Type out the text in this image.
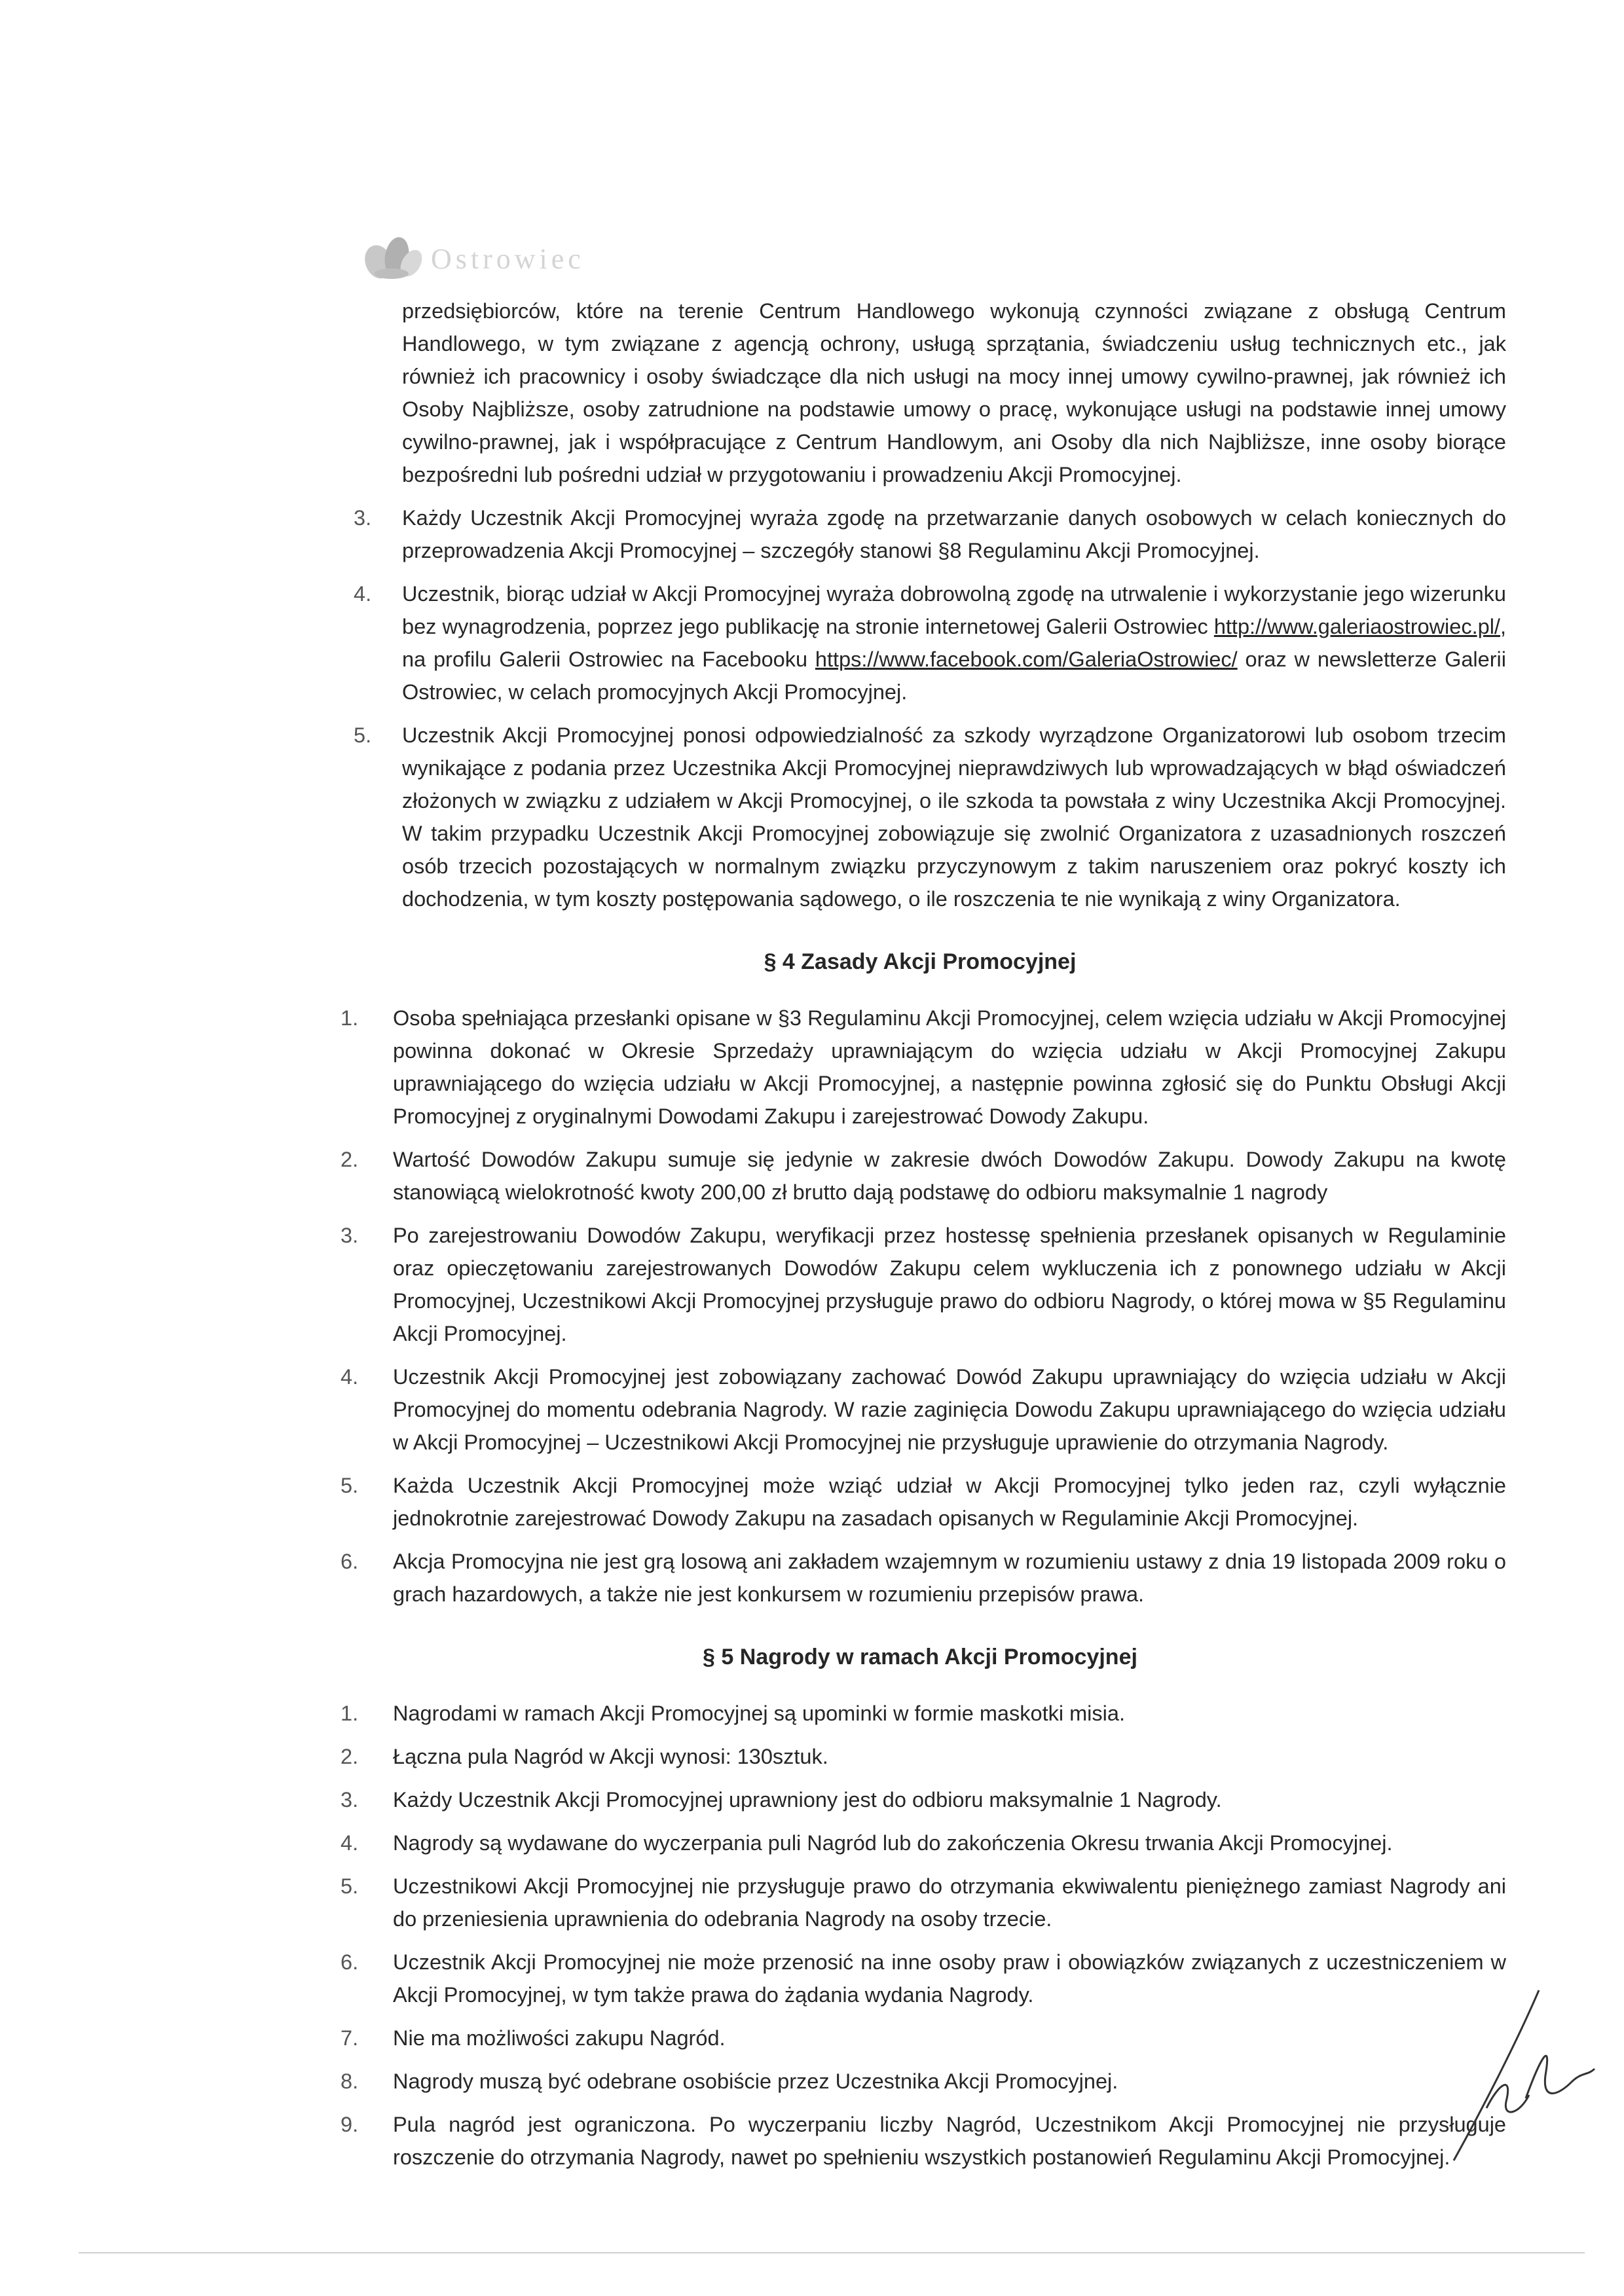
Ostrowiec

przedsiębiorców, które na terenie Centrum Handlowego wykonują czynności związane z obsługą Centrum Handlowego, w tym związane z agencją ochrony, usługą sprzątania, świadczeniu usług technicznych etc., jak również ich pracownicy i osoby świadczące dla nich usługi na mocy innej umowy cywilno-prawnej, jak również ich Osoby Najbliższe, osoby zatrudnione na podstawie umowy o pracę, wykonujące usługi na podstawie innej umowy cywilno-prawnej, jak i współpracujące z Centrum Handlowym, ani Osoby dla nich Najbliższe, inne osoby biorące bezpośredni lub pośredni udział w przygotowaniu i prowadzeniu Akcji Promocyjnej.

3. Każdy Uczestnik Akcji Promocyjnej wyraża zgodę na przetwarzanie danych osobowych w celach koniecznych do przeprowadzenia Akcji Promocyjnej – szczegóły stanowi §8 Regulaminu Akcji Promocyjnej.
4. Uczestnik, biorąc udział w Akcji Promocyjnej wyraża dobrowolną zgodę na utrwalenie i wykorzystanie jego wizerunku bez wynagrodzenia, poprzez jego publikację na stronie internetowej Galerii Ostrowiec http://www.galeriaostrowiec.pl/, na profilu Galerii Ostrowiec na Facebooku https://www.facebook.com/GaleriaOstrowiec/ oraz w newsletterze Galerii Ostrowiec, w celach promocyjnych Akcji Promocyjnej.
5. Uczestnik Akcji Promocyjnej ponosi odpowiedzialność za szkody wyrządzone Organizatorowi lub osobom trzecim wynikające z podania przez Uczestnika Akcji Promocyjnej nieprawdziwych lub wprowadzających w błąd oświadczeń złożonych w związku z udziałem w Akcji Promocyjnej, o ile szkoda ta powstała z winy Uczestnika Akcji Promocyjnej. W takim przypadku Uczestnik Akcji Promocyjnej zobowiązuje się zwolnić Organizatora z uzasadnionych roszczeń osób trzecich pozostających w normalnym związku przyczynowym z takim naruszeniem oraz pokryć koszty ich dochodzenia, w tym koszty postępowania sądowego, o ile roszczenia te nie wynikają z winy Organizatora.
§ 4 Zasady Akcji Promocyjnej
1. Osoba spełniająca przesłanki opisane w §3 Regulaminu Akcji Promocyjnej, celem wzięcia udziału w Akcji Promocyjnej powinna dokonać w Okresie Sprzedaży uprawniającym do wzięcia udziału w Akcji Promocyjnej Zakupu uprawniającego do wzięcia udziału w Akcji Promocyjnej, a następnie powinna zgłosić się do Punktu Obsługi Akcji Promocyjnej z oryginalnymi Dowodami Zakupu i zarejestrować Dowody Zakupu.
2. Wartość Dowodów Zakupu sumuje się jedynie w zakresie dwóch Dowodów Zakupu. Dowody Zakupu na kwotę stanowiącą wielokrotność kwoty 200,00 zł brutto dają podstawę do odbioru maksymalnie 1 nagrody
3. Po zarejestrowaniu Dowodów Zakupu, weryfikacji przez hostessę spełnienia przesłanek opisanych w Regulaminie oraz opieczętowaniu zarejestrowanych Dowodów Zakupu celem wykluczenia ich z ponownego udziału w Akcji Promocyjnej, Uczestnikowi Akcji Promocyjnej przysługuje prawo do odbioru Nagrody, o której mowa w §5 Regulaminu Akcji Promocyjnej.
4. Uczestnik Akcji Promocyjnej jest zobowiązany zachować Dowód Zakupu uprawniający do wzięcia udziału w Akcji Promocyjnej do momentu odebrania Nagrody. W razie zaginięcia Dowodu Zakupu uprawniającego do wzięcia udziału w Akcji Promocyjnej – Uczestnikowi Akcji Promocyjnej nie przysługuje uprawienie do otrzymania Nagrody.
5. Każda Uczestnik Akcji Promocyjnej może wziąć udział w Akcji Promocyjnej tylko jeden raz, czyli wyłącznie jednokrotnie zarejestrować Dowody Zakupu na zasadach opisanych w Regulaminie Akcji Promocyjnej.
6. Akcja Promocyjna nie jest grą losową ani zakładem wzajemnym w rozumieniu ustawy z dnia 19 listopada 2009 roku o grach hazardowych, a także nie jest konkursem w rozumieniu przepisów prawa.
§ 5 Nagrody w ramach Akcji Promocyjnej
1. Nagrodami w ramach Akcji Promocyjnej są upominki w formie maskotki misia.
2. Łączna pula Nagród w Akcji wynosi: 130sztuk.
3. Każdy Uczestnik Akcji Promocyjnej uprawniony jest do odbioru maksymalnie 1 Nagrody.
4. Nagrody są wydawane do wyczerpania puli Nagród lub do zakończenia Okresu trwania Akcji Promocyjnej.
5. Uczestnikowi Akcji Promocyjnej nie przysługuje prawo do otrzymania ekwiwalentu pieniężnego zamiast Nagrody ani do przeniesienia uprawnienia do odebrania Nagrody na osoby trzecie.
6. Uczestnik Akcji Promocyjnej nie może przenosić na inne osoby praw i obowiązków związanych z uczestniczeniem w Akcji Promocyjnej, w tym także prawa do żądania wydania Nagrody.
7. Nie ma możliwości zakupu Nagród.
8. Nagrody muszą być odebrane osobiście przez Uczestnika Akcji Promocyjnej.
9. Pula nagród jest ograniczona. Po wyczerpaniu liczby Nagród, Uczestnikom Akcji Promocyjnej nie przysługuje roszczenie do otrzymania Nagrody, nawet po spełnieniu wszystkich postanowień Regulaminu Akcji Promocyjnej.
